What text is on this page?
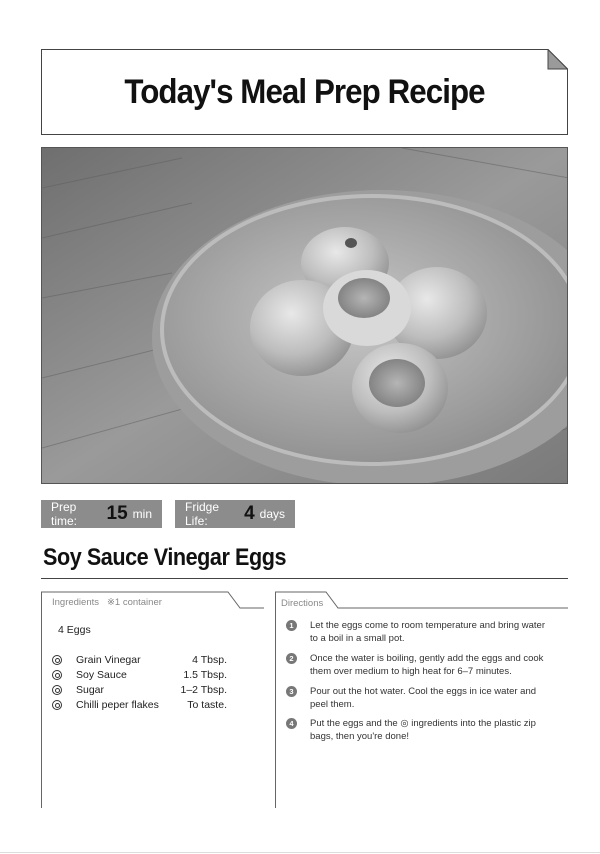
Today's Meal Prep Recipe
Prep time:	15 min	Fridge Life:	4 days
Soy Sauce Vinegar Eggs
Ingredients ※1 container	Directions
4 Eggs
Grain Vinegar	4 Tbsp.
Soy Sauce	1.5 Tbsp.
Sugar	1–2 Tbsp.
Chilli peper flakes	To taste.
1	Let the eggs come to room temperature and bring water to a boil in a small pot.
2	Once the water is boiling, gently add the eggs and cook them over medium to high heat for 6–7 minutes.
3	Pour out the hot water. Cool the eggs in ice water and peel them.
4	Put the eggs and the ◎ ingredients into the plastic zip bags, then you're done!
